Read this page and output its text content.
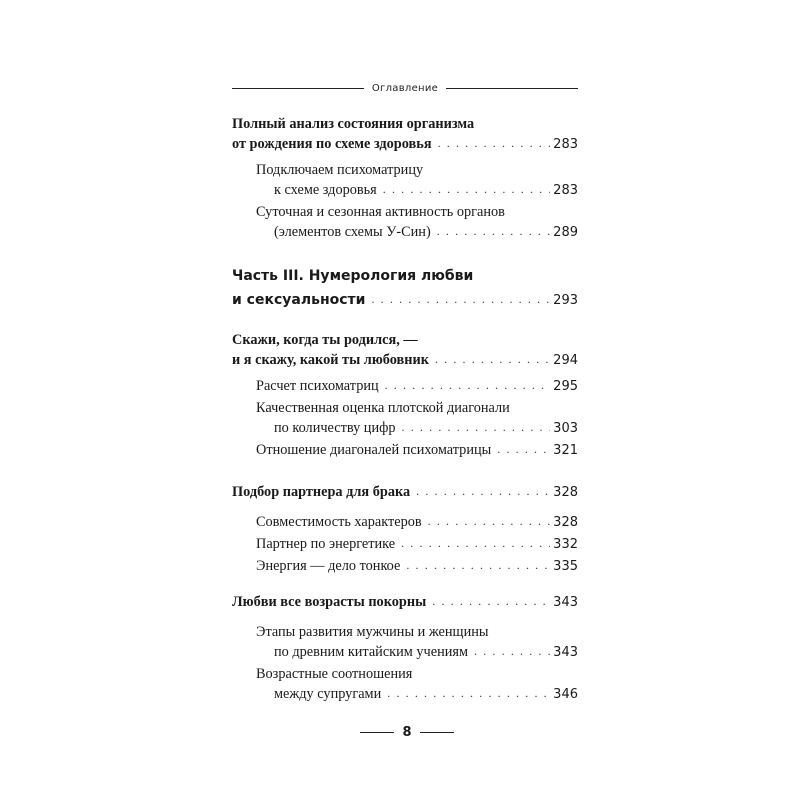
Оглавление
Полный анализ состояния организма
от рождения по схеме здоровья . . .	283
Подключаем психоматрицу
к схеме здоровья . . .	283
Суточная и сезонная активность органов
(элементов схемы У-Син) . . .	289
Часть III. Нумерология любви
и сексуальности . . .	293
Скажи, когда ты родился, —
и я скажу, какой ты любовник . . .	294
Расчет психоматриц . . .	295
Качественная оценка плотской диагонали
по количеству цифр . . .	303
Отношение диагоналей психоматрицы . . .	321
Подбор партнера для брака . . .	328
Совместимость характеров . . .	328
Партнер по энергетике . . .	332
Энергия — дело тонкое . . .	335
Любви все возрасты покорны . . .	343
Этапы развития мужчины и женщины
по древним китайским учениям . . .	343
Возрастные соотношения
между супругами . . .	346
8
